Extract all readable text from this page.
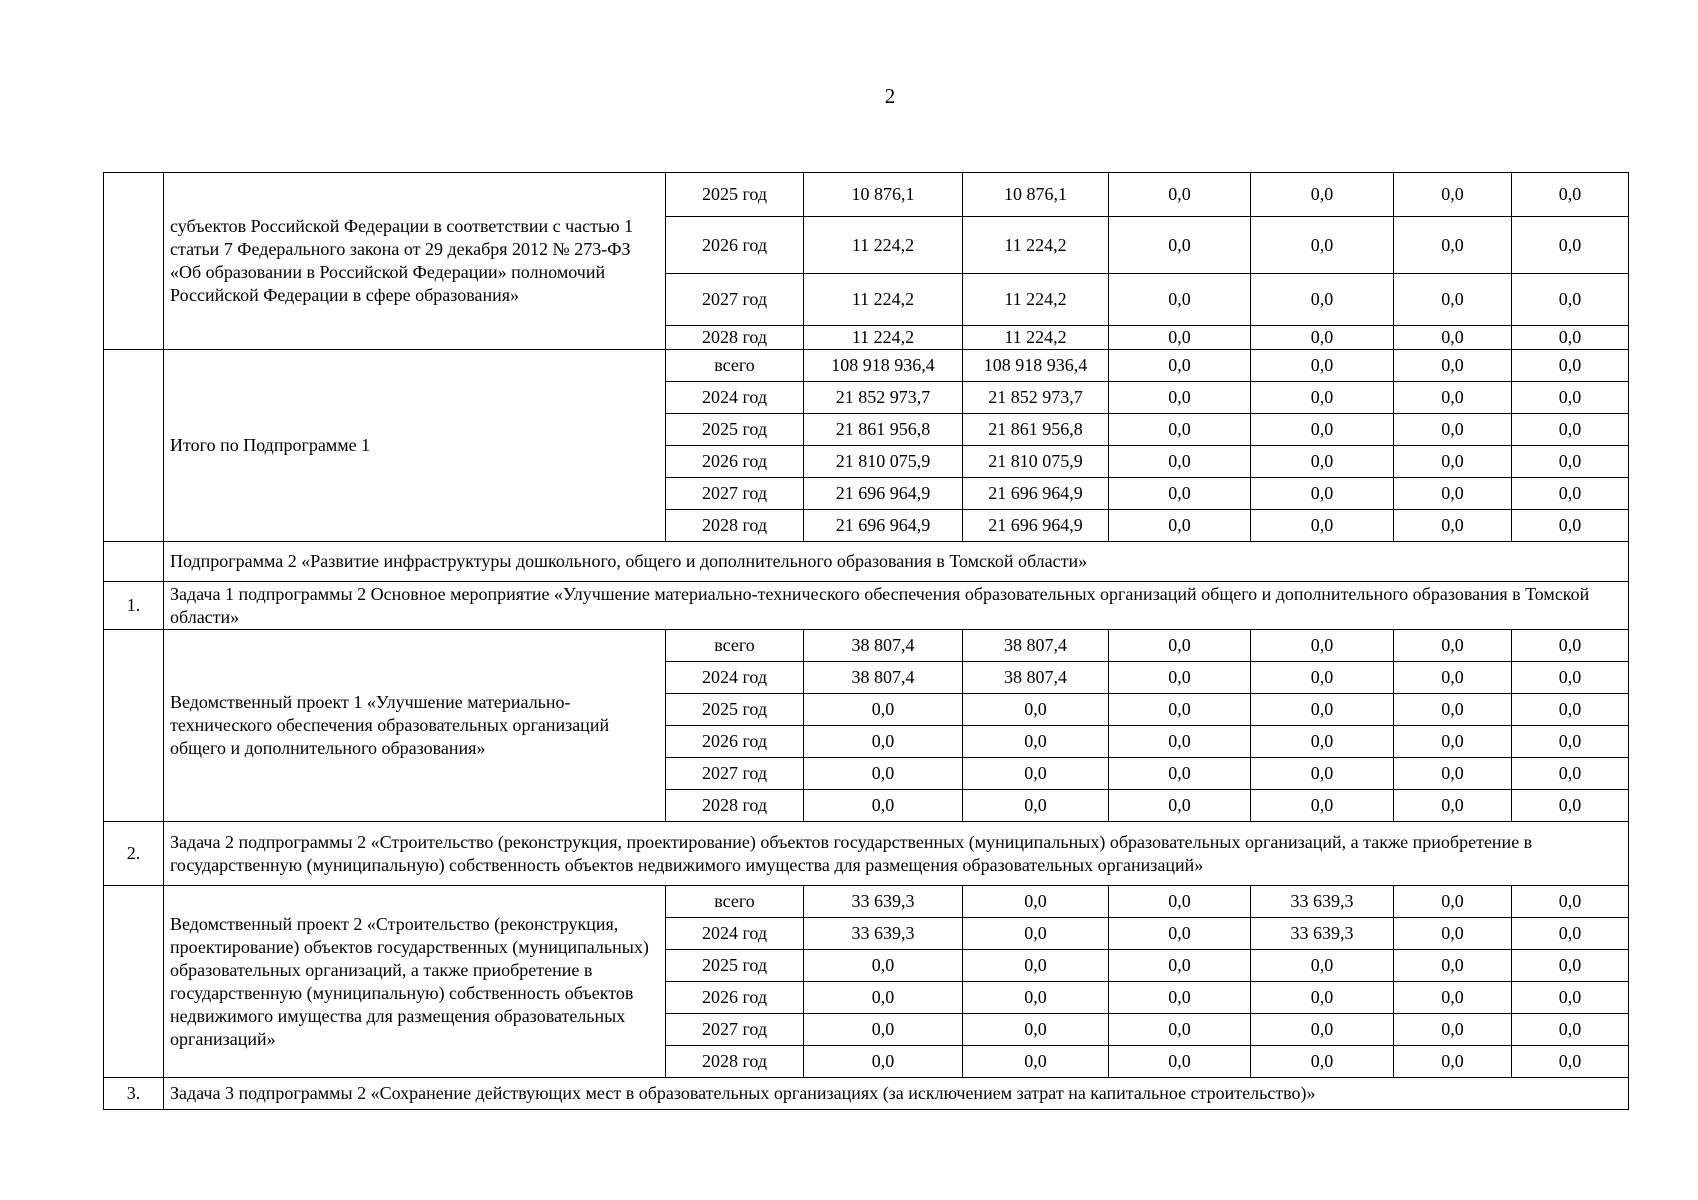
2
	субъектов Российской Федерации в соответствии с частью 1 статьи 7 Федерального закона от 29 декабря 2012 № 273-ФЗ «Об образовании в Российской Федерации» полномочий Российской Федерации в сфере образования»	2025 год	10 876,1	10 876,1	0,0	0,0	0,0	0,0
		2026 год	11 224,2	11 224,2	0,0	0,0	0,0	0,0
		2027 год	11 224,2	11 224,2	0,0	0,0	0,0	0,0
		2028 год	11 224,2	11 224,2	0,0	0,0	0,0	0,0
	Итого по Подпрограмме 1	всего	108 918 936,4	108 918 936,4	0,0	0,0	0,0	0,0
		2024 год	21 852 973,7	21 852 973,7	0,0	0,0	0,0	0,0
		2025 год	21 861 956,8	21 861 956,8	0,0	0,0	0,0	0,0
		2026 год	21 810 075,9	21 810 075,9	0,0	0,0	0,0	0,0
		2027 год	21 696 964,9	21 696 964,9	0,0	0,0	0,0	0,0
		2028 год	21 696 964,9	21 696 964,9	0,0	0,0	0,0	0,0
	Подпрограмма 2 «Развитие инфраструктуры дошкольного, общего и дополнительного образования в Томской области»							
1.	Задача 1 подпрограммы 2 Основное мероприятие «Улучшение материально-технического обеспечения образовательных организаций общего и дополнительного образования в Томской области»							
	Ведомственный проект 1 «Улучшение материально-технического обеспечения образовательных организаций общего и дополнительного образования»	всего	38 807,4	38 807,4	0,0	0,0	0,0	0,0
		2024 год	38 807,4	38 807,4	0,0	0,0	0,0	0,0
		2025 год	0,0	0,0	0,0	0,0	0,0	0,0
		2026 год	0,0	0,0	0,0	0,0	0,0	0,0
		2027 год	0,0	0,0	0,0	0,0	0,0	0,0
		2028 год	0,0	0,0	0,0	0,0	0,0	0,0
2.	Задача 2 подпрограммы 2 «Строительство (реконструкция, проектирование) объектов государственных (муниципальных) образовательных организаций, а также приобретение в государственную (муниципальную) собственность объектов недвижимого имущества для размещения образовательных организаций»							
	Ведомственный проект 2 «Строительство (реконструкция, проектирование) объектов государственных (муниципальных) образовательных организаций, а также приобретение в государственную (муниципальную) собственность объектов недвижимого имущества для размещения образовательных организаций»	всего	33 639,3	0,0	0,0	33 639,3	0,0	0,0
		2024 год	33 639,3	0,0	0,0	33 639,3	0,0	0,0
		2025 год	0,0	0,0	0,0	0,0	0,0	0,0
		2026 год	0,0	0,0	0,0	0,0	0,0	0,0
		2027 год	0,0	0,0	0,0	0,0	0,0	0,0
		2028 год	0,0	0,0	0,0	0,0	0,0	0,0
3.	Задача 3 подпрограммы 2 «Сохранение действующих мест в образовательных организациях (за исключением затрат на капитальное строительство)»							
